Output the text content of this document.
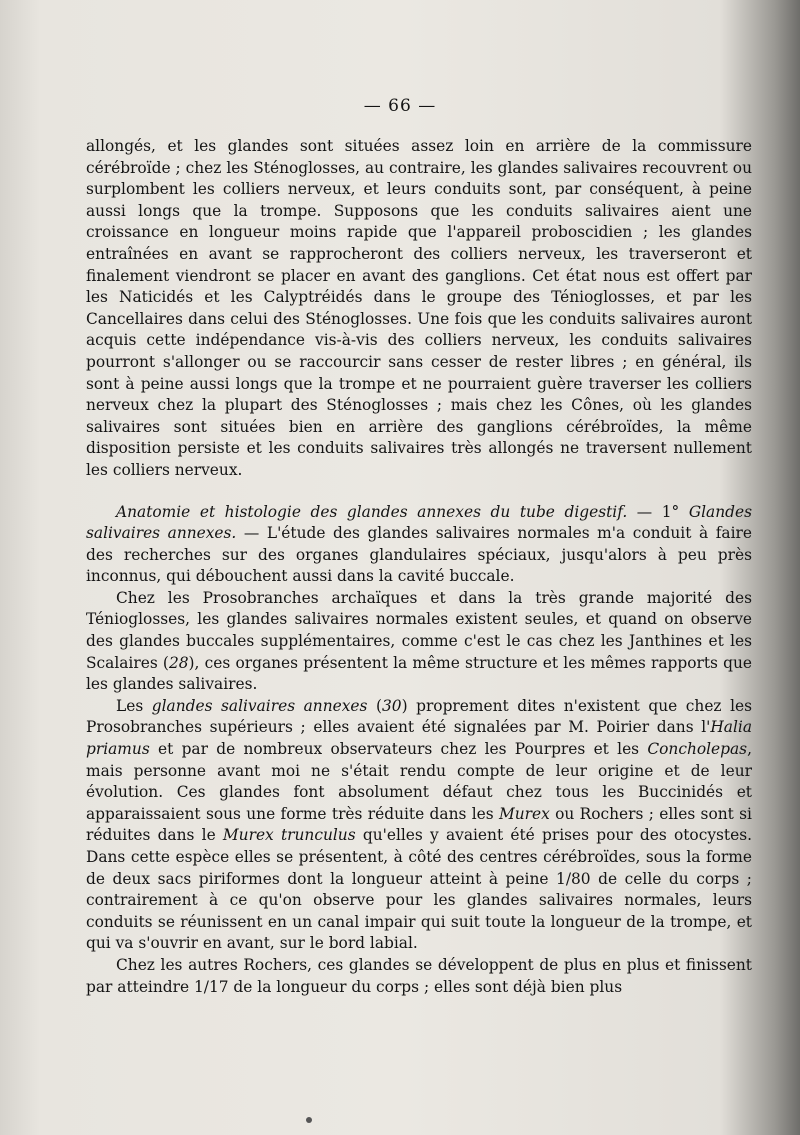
— 66 —

allongés, et les glandes sont situées assez loin en arrière de la commissure cérébroïde ; chez les Sténoglosses, au contraire, les glandes salivaires recouvrent ou surplombent les colliers nerveux, et leurs conduits sont, par conséquent, à peine aussi longs que la trompe. Supposons que les conduits salivaires aient une croissance en longueur moins rapide que l'appareil proboscidien ; les glandes entraînées en avant se rapprocheront des colliers nerveux, les traverseront et finalement viendront se placer en avant des ganglions. Cet état nous est offert par les Naticidés et les Calyptréidés dans le groupe des Ténioglosses, et par les Cancellaires dans celui des Sténoglosses. Une fois que les conduits salivaires auront acquis cette indépendance vis-à-vis des colliers nerveux, les conduits salivaires pourront s'allonger ou se raccourcir sans cesser de rester libres ; en général, ils sont à peine aussi longs que la trompe et ne pourraient guère traverser les colliers nerveux chez la plupart des Sténoglosses ; mais chez les Cônes, où les glandes salivaires sont situées bien en arrière des ganglions cérébroïdes, la même disposition persiste et les conduits salivaires très allongés ne traversent nullement les colliers nerveux.

Anatomie et histologie des glandes annexes du tube digestif. — 1° Glandes salivaires annexes. — L'étude des glandes salivaires normales m'a conduit à faire des recherches sur des organes glandulaires spéciaux, jusqu'alors à peu près inconnus, qui débouchent aussi dans la cavité buccale.

Chez les Prosobranches archaïques et dans la très grande majorité des Ténioglosses, les glandes salivaires normales existent seules, et quand on observe des glandes buccales supplémentaires, comme c'est le cas chez les Janthines et les Scalaires (28), ces organes présentent la même structure et les mêmes rapports que les glandes salivaires.

Les glandes salivaires annexes (30) proprement dites n'existent que chez les Prosobranches supérieurs ; elles avaient été signalées par M. Poirier dans l'Halia priamus et par de nombreux observateurs chez les Pourpres et les Concholepas, mais personne avant moi ne s'était rendu compte de leur origine et de leur évolution. Ces glandes font absolument défaut chez tous les Buccinidés et apparaissaient sous une forme très réduite dans les Murex ou Rochers ; elles sont si réduites dans le Murex trunculus qu'elles y avaient été prises pour des otocystes. Dans cette espèce elles se présentent, à côté des centres cérébroïdes, sous la forme de deux sacs piriformes dont la longueur atteint à peine 1/80 de celle du corps ; contrairement à ce qu'on observe pour les glandes salivaires normales, leurs conduits se réunissent en un canal impair qui suit toute la longueur de la trompe, et qui va s'ouvrir en avant, sur le bord labial.

Chez les autres Rochers, ces glandes se développent de plus en plus et finissent par atteindre 1/17 de la longueur du corps ; elles sont déjà bien plus
